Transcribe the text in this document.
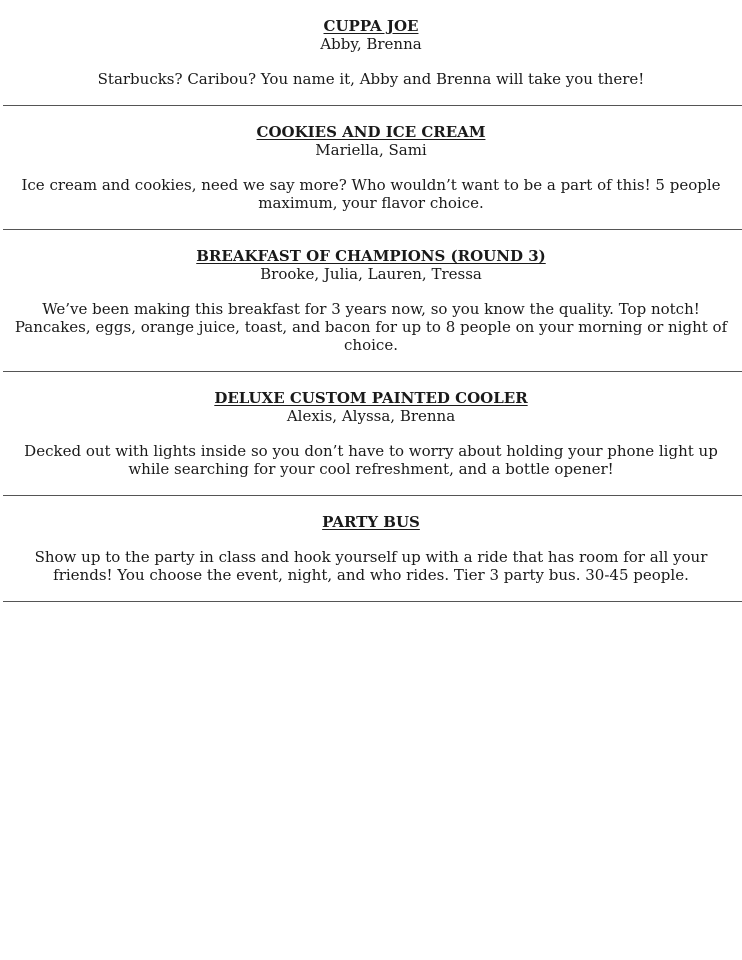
CUPPA JOE
Abby, Brenna
Starbucks? Caribou? You name it, Abby and Brenna will take you there!
COOKIES AND ICE CREAM
Mariella, Sami
Ice cream and cookies, need we say more? Who wouldn’t want to be a part of this! 5 people maximum, your flavor choice.
BREAKFAST OF CHAMPIONS (ROUND 3)
Brooke, Julia, Lauren, Tressa
We’ve been making this breakfast for 3 years now, so you know the quality. Top notch! Pancakes, eggs, orange juice, toast, and bacon for up to 8 people on your morning or night of choice.
DELUXE CUSTOM PAINTED COOLER
Alexis, Alyssa, Brenna
Decked out with lights inside so you don’t have to worry about holding your phone light up while searching for your cool refreshment, and a bottle opener!
PARTY BUS
Show up to the party in class and hook yourself up with a ride that has room for all your friends! You choose the event, night, and who rides. Tier 3 party bus. 30-45 people.
